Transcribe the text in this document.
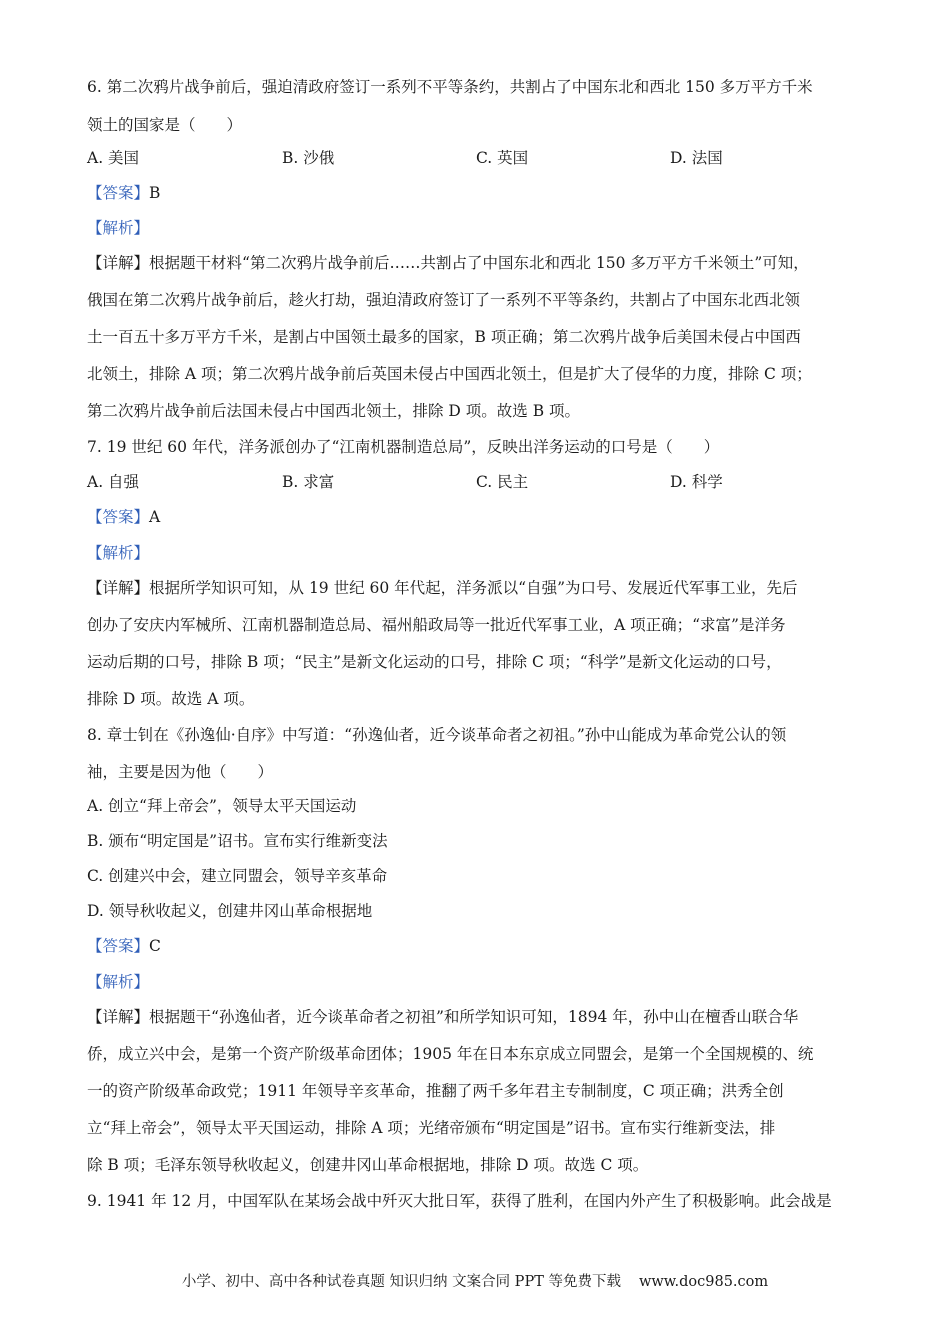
6. 第二次鸦片战争前后，强迫清政府签订一系列不平等条约，共割占了中国东北和西北 150 多万平方千米
领土的国家是（　　）
A. 美国	B. 沙俄	C. 英国	D. 法国
【答案】B
【解析】
【详解】根据题干材料“第二次鸦片战争前后……共割占了中国东北和西北 150 多万平方千米领土”可知，
俄国在第二次鸦片战争前后，趁火打劫，强迫清政府签订了一系列不平等条约，共割占了中国东北西北领
土一百五十多万平方千米，是割占中国领土最多的国家，B 项正确；第二次鸦片战争后美国未侵占中国西
北领土，排除 A 项；第二次鸦片战争前后英国未侵占中国西北领土，但是扩大了侵华的力度，排除 C 项；
第二次鸦片战争前后法国未侵占中国西北领土，排除 D 项。故选 B 项。
7. 19 世纪 60 年代，洋务派创办了“江南机器制造总局”，反映出洋务运动的口号是（　　）
A. 自强	B. 求富	C. 民主	D. 科学
【答案】A
【解析】
【详解】根据所学知识可知，从 19 世纪 60 年代起，洋务派以“自强”为口号、发展近代军事工业，先后
创办了安庆内军械所、江南机器制造总局、福州船政局等一批近代军事工业，A 项正确；“求富”是洋务
运动后期的口号，排除 B 项；“民主”是新文化运动的口号，排除 C 项；“科学”是新文化运动的口号，
排除 D 项。故选 A 项。
8. 章士钊在《孙逸仙·自序》中写道：“孙逸仙者，近今谈革命者之初祖。”孙中山能成为革命党公认的领
袖，主要是因为他（　　）
A. 创立“拜上帝会”，领导太平天国运动
B. 颁布“明定国是”诏书。宣布实行维新变法
C. 创建兴中会，建立同盟会，领导辛亥革命
D. 领导秋收起义，创建井冈山革命根据地
【答案】C
【解析】
【详解】根据题干“孙逸仙者，近今谈革命者之初祖”和所学知识可知，1894 年，孙中山在檀香山联合华
侨，成立兴中会，是第一个资产阶级革命团体；1905 年在日本东京成立同盟会，是第一个全国规模的、统
一的资产阶级革命政党；1911 年领导辛亥革命，推翻了两千多年君主专制制度，C 项正确；洪秀全创
立“拜上帝会”，领导太平天国运动，排除 A 项；光绪帝颁布“明定国是”诏书。宣布实行维新变法，排
除 B 项；毛泽东领导秋收起义，创建井冈山革命根据地，排除 D 项。故选 C 项。
9. 1941 年 12 月，中国军队在某场会战中歼灭大批日军，获得了胜利，在国内外产生了积极影响。此会战是
小学、初中、高中各种试卷真题 知识归纳 文案合同 PPT 等免费下载 www.doc985.com
